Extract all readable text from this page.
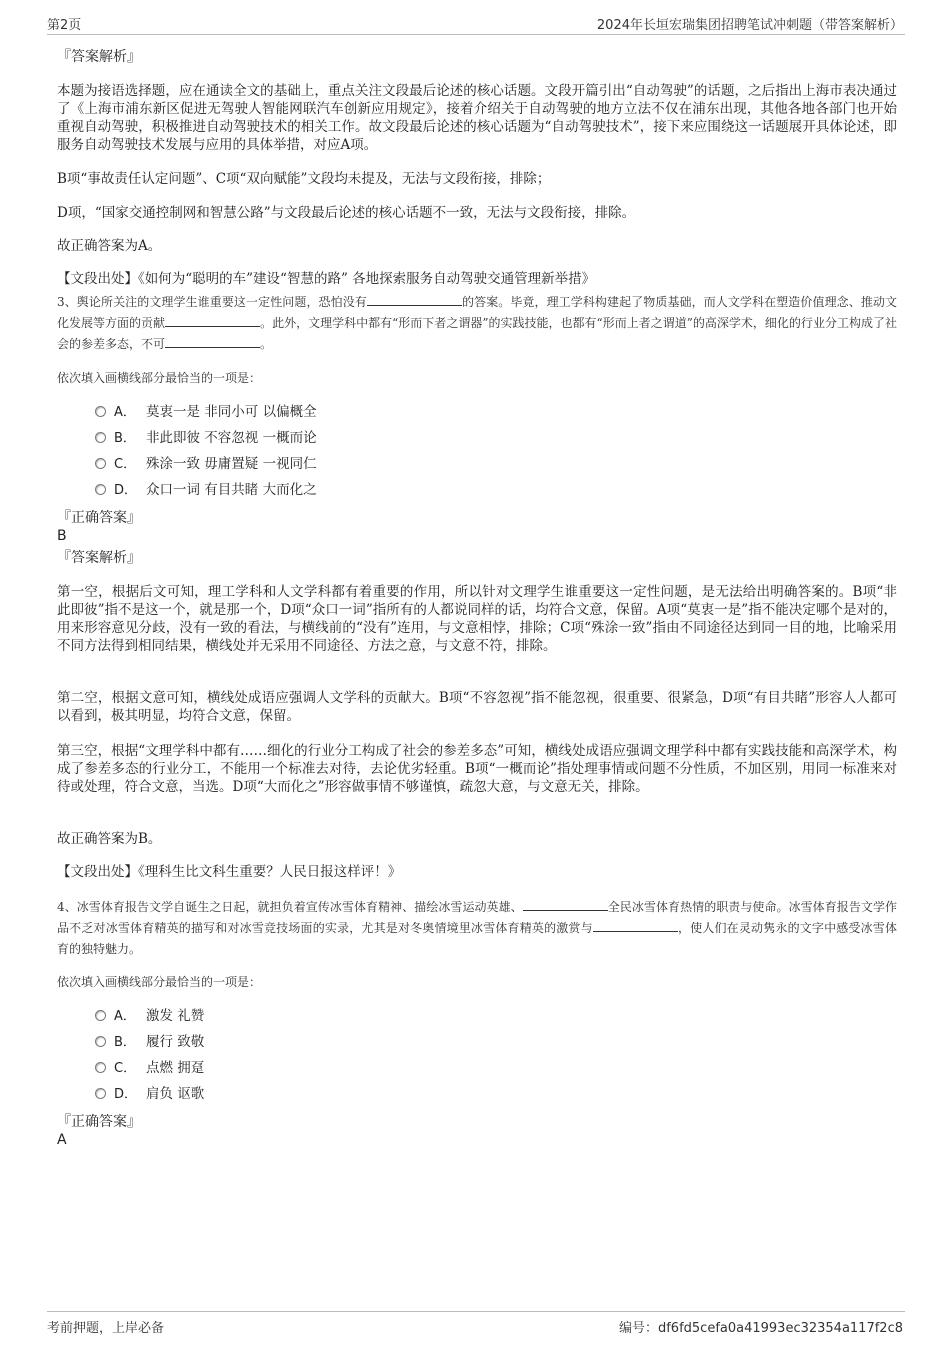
第2页	2024年长垣宏瑞集团招聘笔试冲刺题（带答案解析）
『答案解析』
本题为接语选择题，应在通读全文的基础上，重点关注文段最后论述的核心话题。文段开篇引出“自动驾驶”的话题，之后指出上海市表决通过了《上海市浦东新区促进无驾驶人智能网联汽车创新应用规定》，接着介绍关于自动驾驶的地方立法不仅在浦东出现，其他各地各部门也开始重视自动驾驶，积极推进自动驾驶技术的相关工作。故文段最后论述的核心话题为“自动驾驶技术”，接下来应围绕这一话题展开具体论述，即服务自动驾驶技术发展与应用的具体举措，对应A项。
B项“事故责任认定问题”、C项“双向赋能”文段均未提及，无法与文段衔接，排除；
D项，“国家交通控制网和智慧公路”与文段最后论述的核心话题不一致，无法与文段衔接，排除。
故正确答案为A。
【文段出处】《如何为“聪明的车”建设“智慧的路” 各地探索服务自动驾驶交通管理新举措》
3、舆论所关注的文理学生谁重要这一定性问题，恐怕没有	的答案。毕竟，理工学科构建起了物质基础，而人文学科在塑造价值理念、推动文化发展等方面的贡献	。此外，文理学科中都有“形而下者之谓器”的实践技能，也都有“形而上者之谓道”的高深学术，细化的行业分工构成了社会的参差多态，不可	。
依次填入画横线部分最恰当的一项是：
A． 莫衷一是 非同小可 以偏概全
B． 非此即彼 不容忽视 一概而论
C． 殊涂一致 毋庸置疑 一视同仁
D． 众口一词 有目共睹 大而化之
『正确答案』
B
『答案解析』
第一空，根据后文可知，理工学科和人文学科都有着重要的作用，所以针对文理学生谁重要这一定性问题，是无法给出明确答案的。B项“非此即彼”指不是这一个，就是那一个，D项“众口一词”指所有的人都说同样的话，均符合文意，保留。A项“莫衷一是”指不能决定哪个是对的，用来形容意见分歧，没有一致的看法，与横线前的“没有”连用，与文意相悖，排除；C项“殊涂一致”指由不同途径达到同一目的地，比喻采用不同方法得到相同结果，横线处并无采用不同途径、方法之意，与文意不符，排除。
第二空，根据文意可知，横线处成语应强调人文学科的贡献大。B项“不容忽视”指不能忽视，很重要、很紧急，D项“有目共睹”形容人人都可以看到，极其明显，均符合文意，保留。
第三空，根据“文理学科中都有……细化的行业分工构成了社会的参差多态”可知，横线处成语应强调文理学科中都有实践技能和高深学术，构成了参差多态的行业分工，不能用一个标准去对待，去论优劣轻重。B项“一概而论”指处理事情或问题不分性质，不加区别，用同一标准来对待或处理，符合文意，当选。D项“大而化之”形容做事情不够谨慎，疏忽大意，与文意无关，排除。
故正确答案为B。
【文段出处】《理科生比文科生重要？人民日报这样评！》
4、冰雪体育报告文学自诞生之日起，就担负着宣传冰雪体育精神、描绘冰雪运动英雄、	全民冰雪体育热情的职责与使命。冰雪体育报告文学作品不乏对冰雪体育精英的描写和对冰雪竞技场面的实录，尤其是对冬奥情境里冰雪体育精英的激赏与	，使人们在灵动隽永的文字中感受冰雪体育的独特魅力。
依次填入画横线部分最恰当的一项是：
A． 激发 礼赞
B． 履行 致敬
C． 点燃 拥趸
D． 肩负 讴歌
『正确答案』
A
考前押题，上岸必备	编号：df6fd5cefa0a41993ec32354a117f2c8
